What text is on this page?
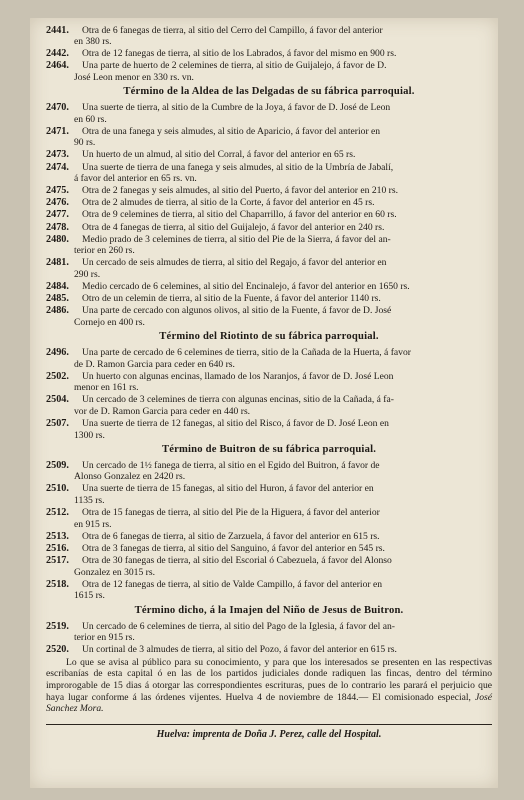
2441. Otra de 6 fanegas de tierra, al sitio del Cerro del Campillo, á favor del anterior
en 380 rs.
2442. Otra de 12 fanegas de tierra, al sitio de los Labrados, á favor del mismo en 900 rs.
2464. Una parte de huerto de 2 celemines de tierra, al sitio de Guijalejo, á favor de D.
José Leon menor en 330 rs. vn.
Término de la Aldea de las Delgadas de su fábrica parroquial.
2470. Una suerte de tierra, al sitio de la Cumbre de la Joya, á favor de D. José de Leon
en 60 rs.
2471. Otra de una fanega y seis almudes, al sitio de Aparicio, á favor del anterior en
90 rs.
2473. Un huerto de un almud, al sitio del Corral, á favor del anterior en 65 rs.
2474. Una suerte de tierra de una fanega y seis almudes, al sitio de la Umbría de Jabalí,
á favor del anterior en 65 rs. vn.
2475. Otra de 2 fanegas y seis almudes, al sitio del Puerto, á favor del anterior en 210 rs.
2476. Otra de 2 almudes de tierra, al sitio de la Corte, á favor del anterior en 45 rs.
2477. Otra de 9 celemines de tierra, al sitio del Chaparrillo, á favor del anterior en 60 rs.
2478. Otra de 4 fanegas de tierra, al sitio del Guijalejo, á favor del anterior en 240 rs.
2480. Medio prado de 3 celemines de tierra, al sitio del Pie de la Sierra, á favor del an-
terior en 260 rs.
2481. Un cercado de seis almudes de tierra, al sitio del Regajo, á favor del anterior en
290 rs.
2484. Medio cercado de 6 celemines, al sitio del Encinalejo, á favor del anterior en 1650 rs.
2485. Otro de un celemin de tierra, al sitio de la Fuente, á favor del anterior 1140 rs.
2486. Una parte de cercado con algunos olivos, al sitio de la Fuente, á favor de D. José
Cornejo en 400 rs.
Término del Riotinto de su fábrica parroquial.
2496. Una parte de cercado de 6 celemines de tierra, sitio de la Cañada de la Huerta, á favor
de D. Ramon Garcia para ceder en 640 rs.
2502. Un huerto con algunas encinas, llamado de los Naranjos, á favor de D. José Leon
menor en 161 rs.
2504. Un cercado de 3 celemines de tierra con algunas encinas, sitio de la Cañada, á fa-
vor de D. Ramon Garcia para ceder en 440 rs.
2507. Una suerte de tierra de 12 fanegas, al sitio del Risco, á favor de D. José Leon en
1300 rs.
Término de Buitron de su fábrica parroquial.
2509. Un cercado de 1½ fanega de tierra, al sitio en el Egido del Buitron, á favor de
Alonso Gonzalez en 2420 rs.
2510. Una suerte de tierra de 15 fanegas, al sitio del Huron, á favor del anterior en
1135 rs.
2512. Otra de 15 fanegas de tierra, al sitio del Pie de la Higuera, á favor del anterior
en 915 rs.
2513. Otra de 6 fanegas de tierra, al sitio de Zarzuela, á favor del anterior en 615 rs.
2516. Otra de 3 fanegas de tierra, al sitio del Sanguino, á favor del anterior en 545 rs.
2517. Otra de 30 fanegas de tierra, al sitio del Escorial ó Cabezuela, á favor del Alonso
Gonzalez en 3015 rs.
2518. Otra de 12 fanegas de tierra, al sitio de Valde Campillo, á favor del anterior en
1615 rs.
Término dicho, á la Imajen del Niño de Jesus de Buitron.
2519. Un cercado de 6 celemines de tierra, al sitio del Pago de la Iglesia, á favor del an-
terior en 915 rs.
2520. Un cortinal de 3 almudes de tierra, al sitio del Pozo, á favor del anterior en 615 rs.

Lo que se avisa al público para su conocimiento, y para que los interesados se presenten en las respectivas escribanías de esta capital ó en las de los partidos judiciales donde radiquen las fincas, dentro del término improrogable de 15 dias á otorgar las correspondientes escrituras, pues de lo contrario les parará el perjuicio que haya lugar conforme á las órdenes vijentes. Huelva 4 de noviembre de 1844.— El comisionado especial, José Sanchez Mora.

Huelva: imprenta de Doña J. Perez, calle del Hospital.
